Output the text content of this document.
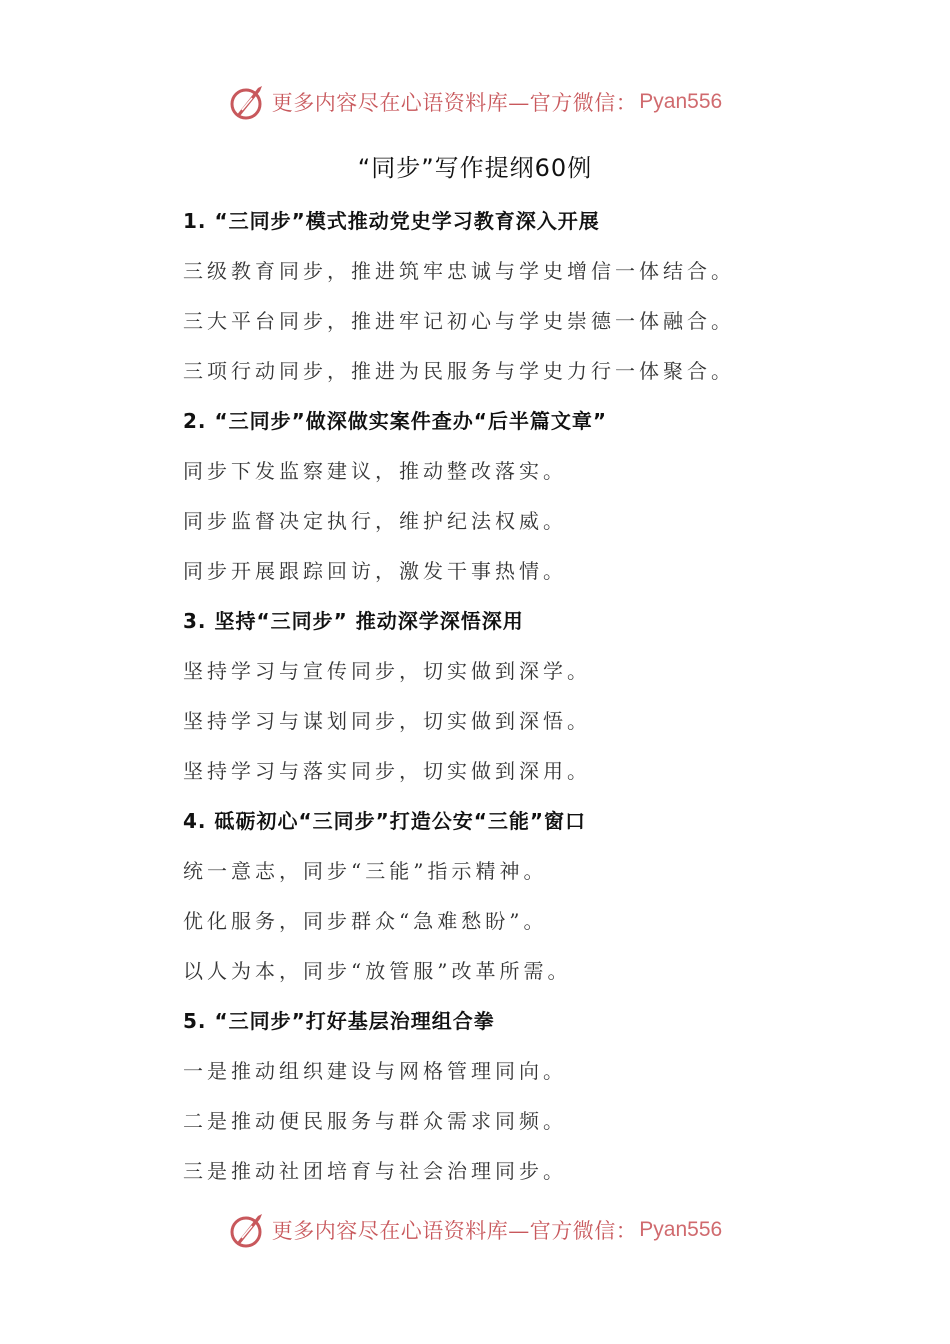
更多内容尽在心语资料库—官方微信： Pyan556
“同步”写作提纲60例
1. “三同步”模式推动党史学习教育深入开展
三级教育同步，推进筑牢忠诚与学史增信一体结合。
三大平台同步，推进牢记初心与学史崇德一体融合。
三项行动同步，推进为民服务与学史力行一体聚合。
2. “三同步”做深做实案件查办“后半篇文章”
同步下发监察建议，推动整改落实。
同步监督决定执行，维护纪法权威。
同步开展跟踪回访，激发干事热情。
3. 坚持“三同步” 推动深学深悟深用
坚持学习与宣传同步，切实做到深学。
坚持学习与谋划同步，切实做到深悟。
坚持学习与落实同步，切实做到深用。
4. 砥砺初心“三同步”打造公安“三能”窗口
统一意志，同步“三能”指示精神。
优化服务，同步群众“急难愁盼”。
以人为本，同步“放管服”改革所需。
5. “三同步”打好基层治理组合拳
一是推动组织建设与网格管理同向。
二是推动便民服务与群众需求同频。
三是推动社团培育与社会治理同步。
更多内容尽在心语资料库—官方微信： Pyan556
